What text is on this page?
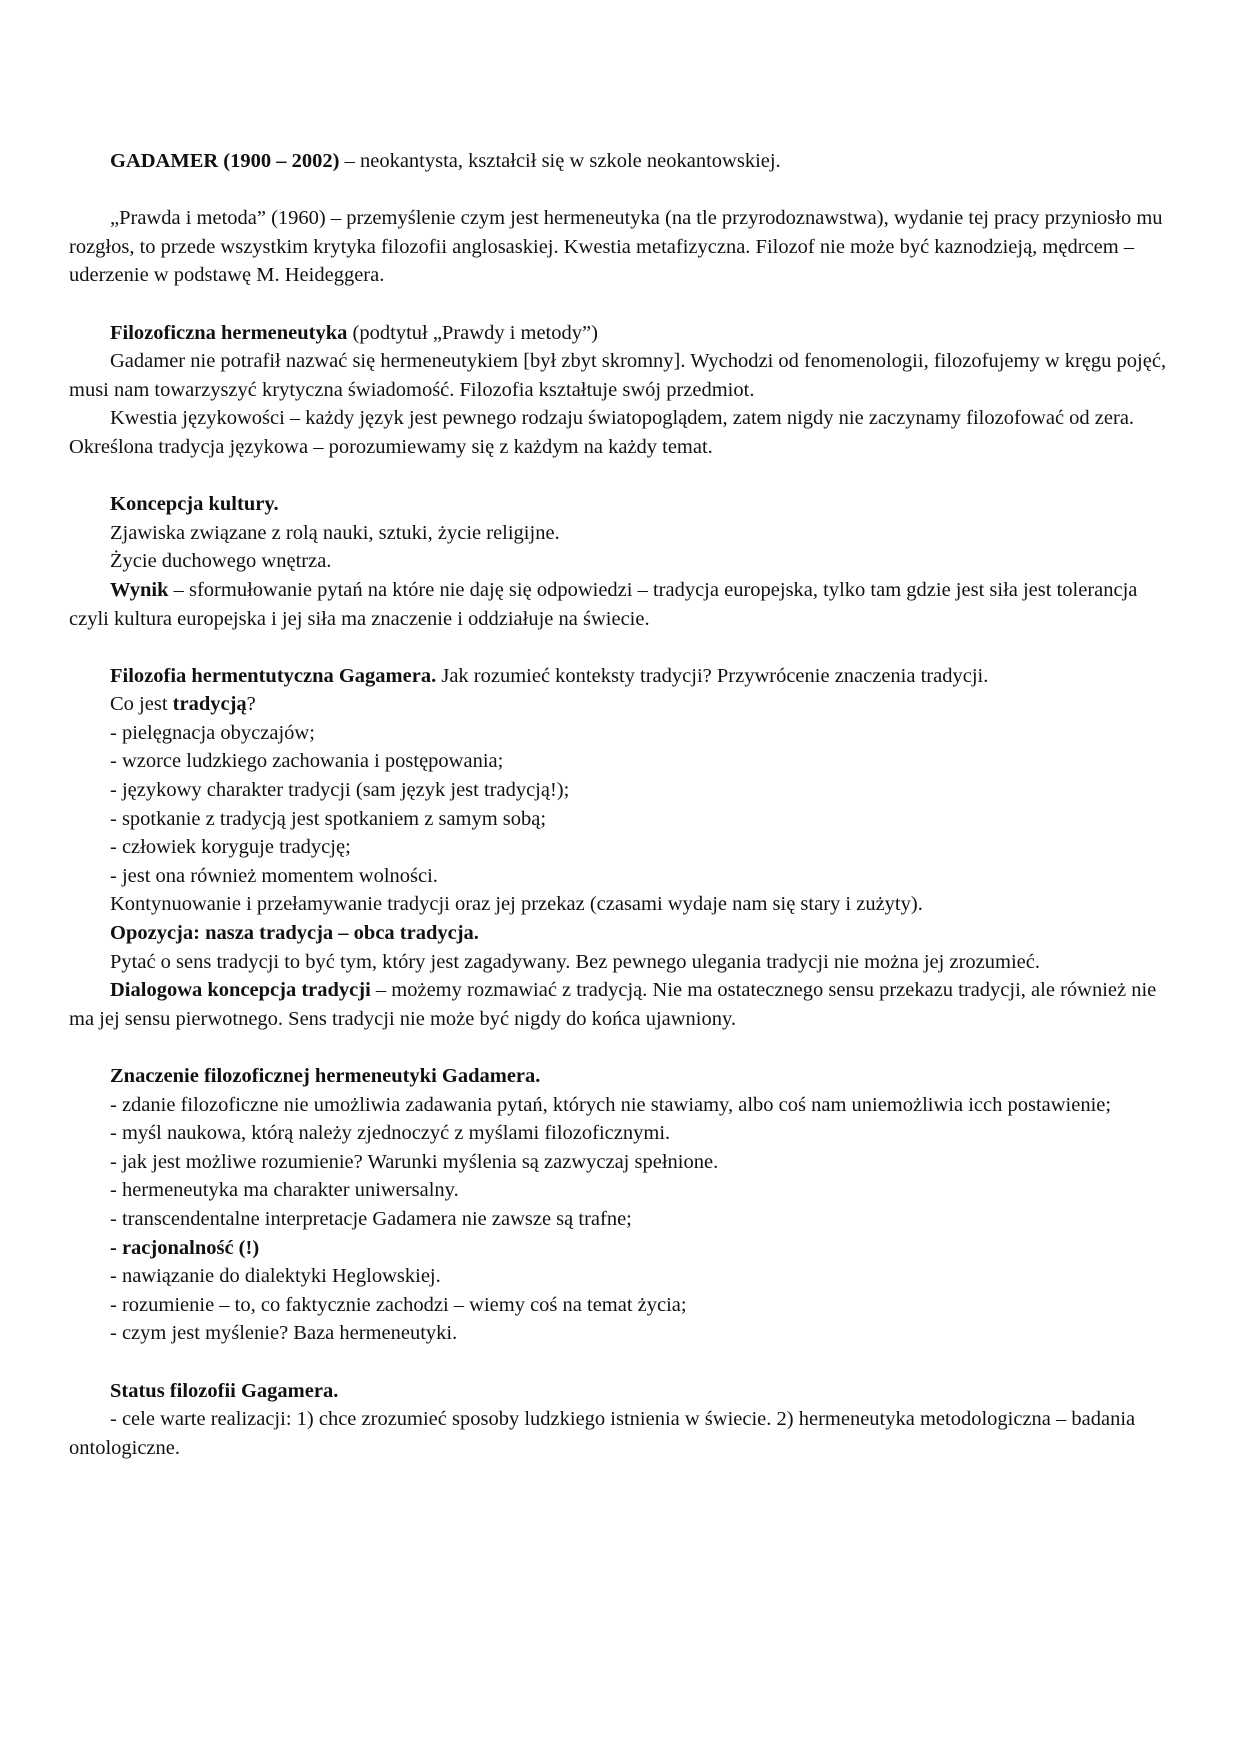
GADAMER (1900 – 2002) – neokantysta, kształcił się w szkole neokantowskiej.

„Prawda i metoda” (1960) – przemyślenie czym jest hermeneutyka (na tle przyrodoznawstwa), wydanie tej pracy przyniosło mu rozgłos, to przede wszystkim krytyka filozofii anglosaskiej. Kwestia metafizyczna. Filozof nie może być kaznodzieją, mędrcem – uderzenie w podstawę M. Heideggera.

Filozoficzna hermeneutyka (podtytuł „Prawdy i metody”)

Gadamer nie potrafił nazwać się hermeneutykiem [był zbyt skromny]. Wychodzi od fenomenologii, filozofujemy w kręgu pojęć, musi nam towarzyszyć krytyczna świadomość. Filozofia kształtuje swój przedmiot.

Kwestia językowości – każdy język jest pewnego rodzaju światopoglądem, zatem nigdy nie zaczynamy filozofować od zera. Określona tradycja językowa – porozumiewamy się z każdym na każdy temat.

Koncepcja kultury.

Zjawiska związane z rolą nauki, sztuki, życie religijne.

Życie duchowego wnętrza.

Wynik – sformułowanie pytań na które nie daję się odpowiedzi – tradycja europejska, tylko tam gdzie jest siła jest tolerancja czyli kultura europejska i jej siła ma znaczenie i oddziałuje na świecie.

Filozofia hermentutyczna Gagamera. Jak rozumieć konteksty tradycji? Przywrócenie znaczenia tradycji.

Co jest tradycją?

- pielęgnacja obyczajów;

- wzorce ludzkiego zachowania i postępowania;

- językowy charakter tradycji (sam język jest tradycją!);

- spotkanie z tradycją jest spotkaniem z samym sobą;

- człowiek koryguje tradycję;

- jest ona również momentem wolności.

Kontynuowanie i przełamywanie tradycji oraz jej przekaz (czasami wydaje nam się stary i zużyty).

Opozycja: nasza tradycja – obca tradycja.

Pytać o sens tradycji to być tym, który jest zagadywany. Bez pewnego ulegania tradycji nie można jej zrozumieć.

Dialogowa koncepcja tradycji – możemy rozmawiać z tradycją. Nie ma ostatecznego sensu przekazu tradycji, ale również nie ma jej sensu pierwotnego. Sens tradycji nie może być nigdy do końca ujawniony.

Znaczenie filozoficznej hermeneutyki Gadamera.

- zdanie filozoficzne nie umożliwia zadawania pytań, których nie stawiamy, albo coś nam uniemożliwia icch postawienie;

- myśl naukowa, którą należy zjednoczyć z myślami filozoficznymi.

- jak jest możliwe rozumienie? Warunki myślenia są zazwyczaj spełnione.

- hermeneutyka ma charakter uniwersalny.

- transcendentalne interpretacje Gadamera nie zawsze są trafne;

- racjonalność (!)

- nawiązanie do dialektyki Heglowskiej.

- rozumienie – to, co faktycznie zachodzi – wiemy coś na temat życia;

- czym jest myślenie? Baza hermeneutyki.

Status filozofii Gagamera.

- cele warte realizacji: 1) chce zrozumieć sposoby ludzkiego istnienia w świecie. 2) hermeneutyka metodologiczna – badania ontologiczne.
